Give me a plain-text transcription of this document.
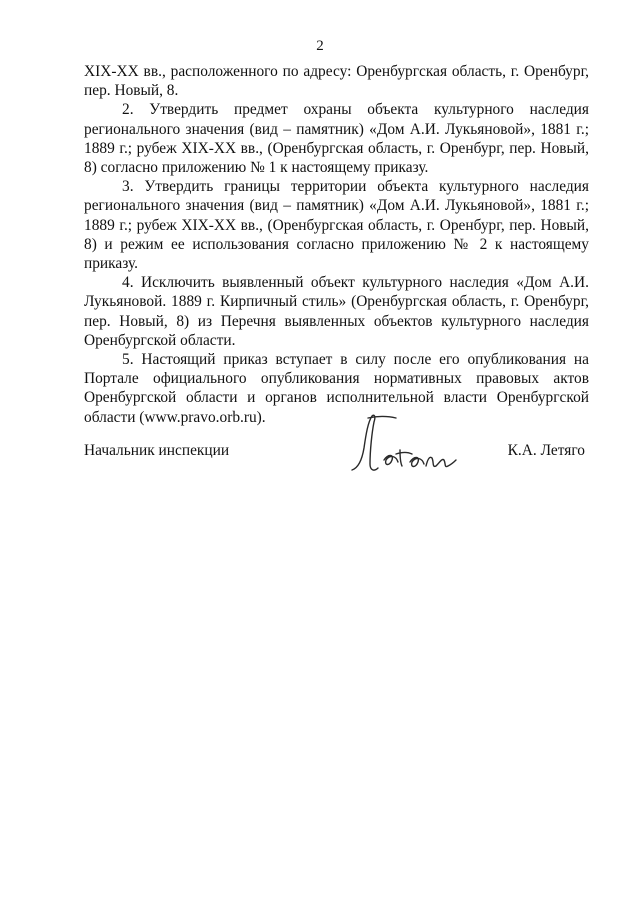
2

XIX-XX вв., расположенного по адресу: Оренбургская область, г. Оренбург, пер. Новый, 8.

2. Утвердить предмет охраны объекта культурного наследия регионального значения (вид – памятник) «Дом А.И. Лукьяновой», 1881 г.; 1889 г.; рубеж XIX-XX вв., (Оренбургская область, г. Оренбург, пер. Новый, 8) согласно приложению № 1 к настоящему приказу.

3. Утвердить границы территории объекта культурного наследия регионального значения (вид – памятник) «Дом А.И. Лукьяновой», 1881 г.; 1889 г.; рубеж XIX-XX вв., (Оренбургская область, г. Оренбург, пер. Новый, 8) и режим ее использования согласно приложению № 2 к настоящему приказу.

4. Исключить выявленный объект культурного наследия «Дом А.И. Лукьяновой. 1889 г. Кирпичный стиль» (Оренбургская область, г. Оренбург, пер. Новый, 8) из Перечня выявленных объектов культурного наследия Оренбургской области.

5. Настоящий приказ вступает в силу после его опубликования на Портале официального опубликования нормативных правовых актов Оренбургской области и органов исполнительной власти Оренбургской области (www.pravo.orb.ru).

Начальник инспекции	К.А. Летяго
